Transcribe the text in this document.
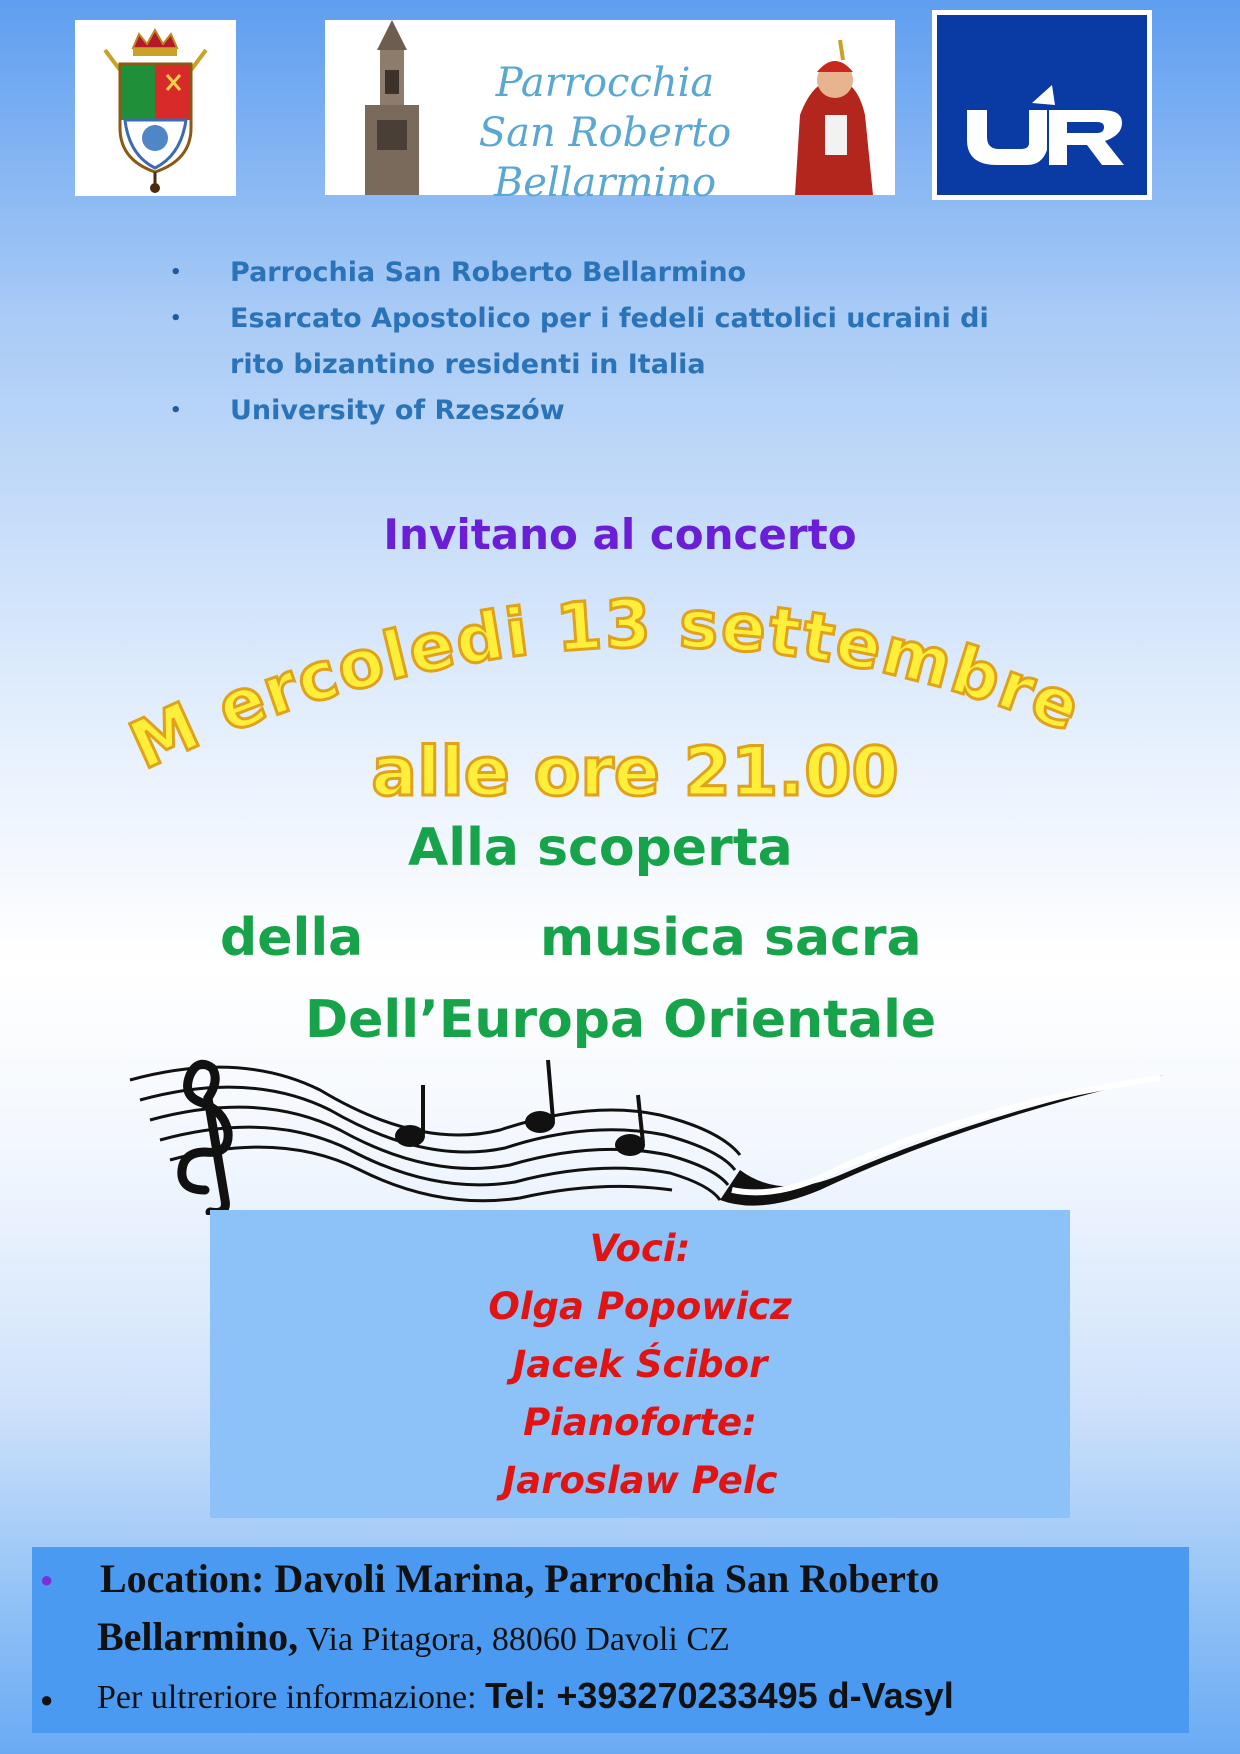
Parrocchia
San Roberto Bellarmino
• Parrochia San Roberto Bellarmino
• Esarcato Apostolico per i fedeli cattolici ucraini di rito bizantino residenti in Italia
• University of Rzeszów
Invitano al concerto
M ercoledi 13 settembre
alle ore 21.00
Alla scoperta
della	musica sacra
Dell’Europa Orientale
Voci:
Olga Popowicz
Jacek Ścibor
Pianoforte:
Jaroslaw Pelc
● Location: Davoli Marina, Parrochia San Roberto
Bellarmino, Via Pitagora, 88060 Davoli CZ
● Per ultreriore informazione: Tel: +393270233495 d-Vasyl
